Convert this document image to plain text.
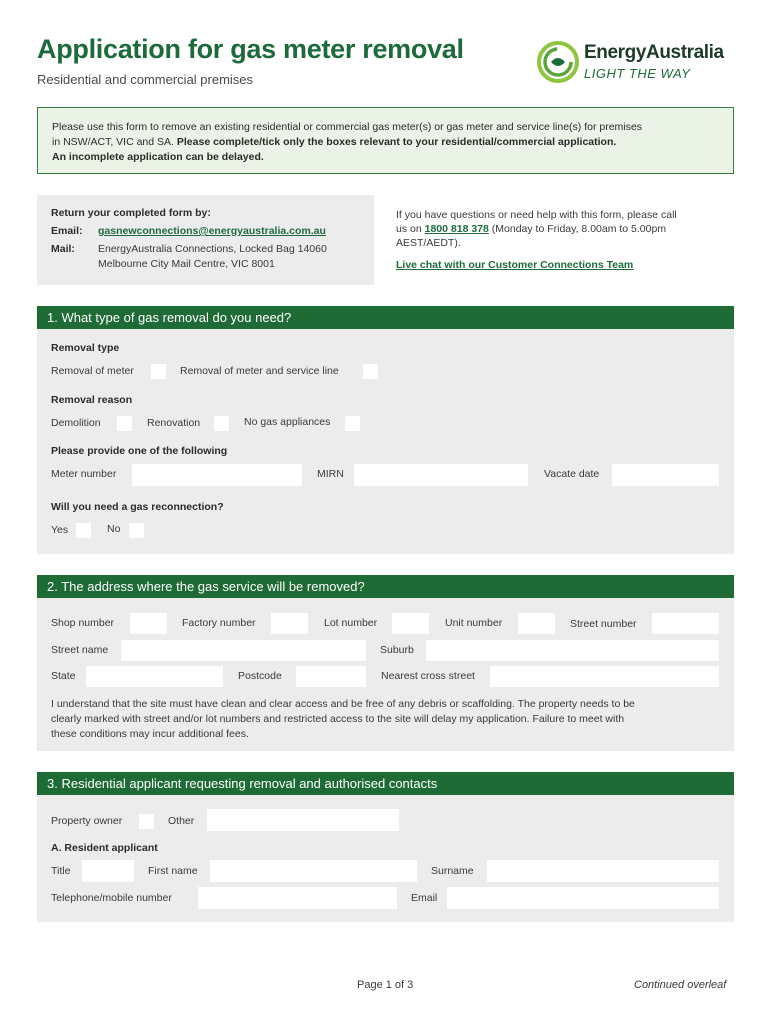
Application for gas meter removal
Residential and commercial premises
EnergyAustralia
LIGHT THE WAY
Please use this form to remove an existing residential or commercial gas meter(s) or gas meter and service line(s) for premises
in NSW/ACT, VIC and SA. Please complete/tick only the boxes relevant to your residential/commercial application.
An incomplete application can be delayed.
Return your completed form by:
Email: gasnewconnections@energyaustralia.com.au
Mail: EnergyAustralia Connections, Locked Bag 14060
Melbourne City Mail Centre, VIC 8001
If you have questions or need help with this form, please call
us on 1800 818 378 (Monday to Friday, 8.00am to 5.00pm
AEST/AEDT).
Live chat with our Customer Connections Team
1. What type of gas removal do you need?
Removal type
Removal of meter	Removal of meter and service line
Removal reason
Demolition	Renovation	No gas appliances
Please provide one of the following
Meter number	MIRN	Vacate date
Will you need a gas reconnection?
Yes	No
2. The address where the gas service will be removed?
Shop number	Factory number	Lot number	Unit number	Street number
Street name	Suburb
State	Postcode	Nearest cross street
I understand that the site must have clean and clear access and be free of any debris or scaffolding. The property needs to be
clearly marked with street and/or lot numbers and restricted access to the site will delay my application. Failure to meet with
these conditions may incur additional fees.
3. Residential applicant requesting removal and authorised contacts
Property owner	Other
A. Resident applicant
Title	First name	Surname
Telephone/mobile number	Email
Page 1 of 3	Continued overleaf
